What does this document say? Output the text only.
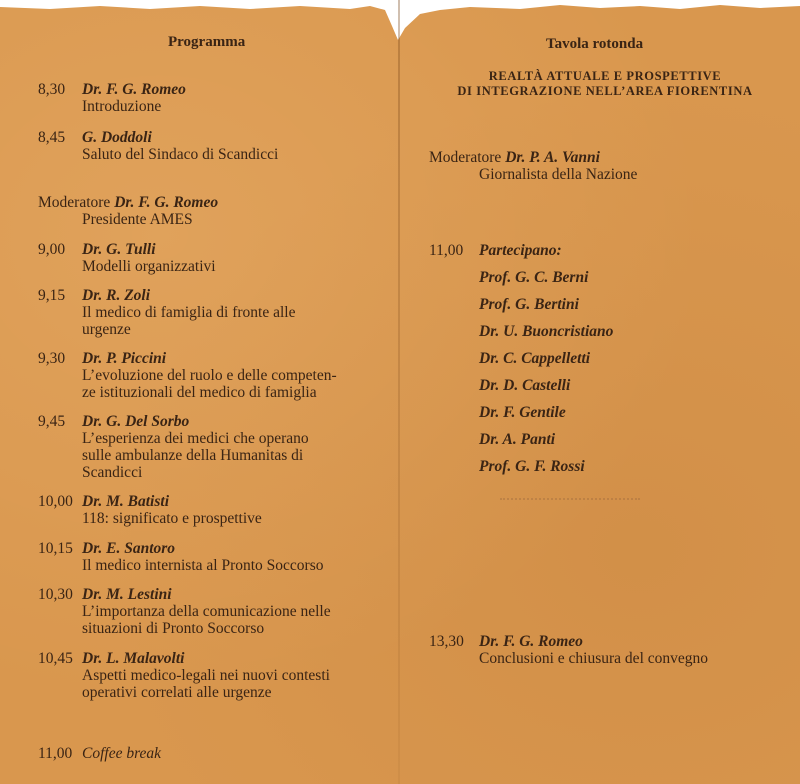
Programma
8,30 Dr. F. G. Romeo
Introduzione
8,45 G. Doddoli
Saluto del Sindaco di Scandicci
Moderatore Dr. F. G. Romeo
Presidente AMES
9,00 Dr. G. Tulli
Modelli organizzativi
9,15 Dr. R. Zoli
Il medico di famiglia di fronte alle
urgenze
9,30 Dr. P. Piccini
L’evoluzione del ruolo e delle competen-
ze istituzionali del medico di famiglia
9,45 Dr. G. Del Sorbo
L’esperienza dei medici che operano
sulle ambulanze della Humanitas di
Scandicci
10,00 Dr. M. Batisti
118: significato e prospettive
10,15 Dr. E. Santoro
Il medico internista al Pronto Soccorso
10,30 Dr. M. Lestini
L’importanza della comunicazione nelle
situazioni di Pronto Soccorso
10,45 Dr. L. Malavolti
Aspetti medico-legali nei nuovi contesti
operativi correlati alle urgenze
11,00 Coffee break
Tavola rotonda
REALTÀ ATTUALE E PROSPETTIVE
DI INTEGRAZIONE NELL’AREA FIORENTINA
Moderatore Dr. P. A. Vanni
Giornalista della Nazione
11,00 Partecipano:
Prof. G. C. Berni
Prof. G. Bertini
Dr. U. Buoncristiano
Dr. C. Cappelletti
Dr. D. Castelli
Dr. F. Gentile
Dr. A. Panti
Prof. G. F. Rossi
13,30 Dr. F. G. Romeo
Conclusioni e chiusura del convegno
